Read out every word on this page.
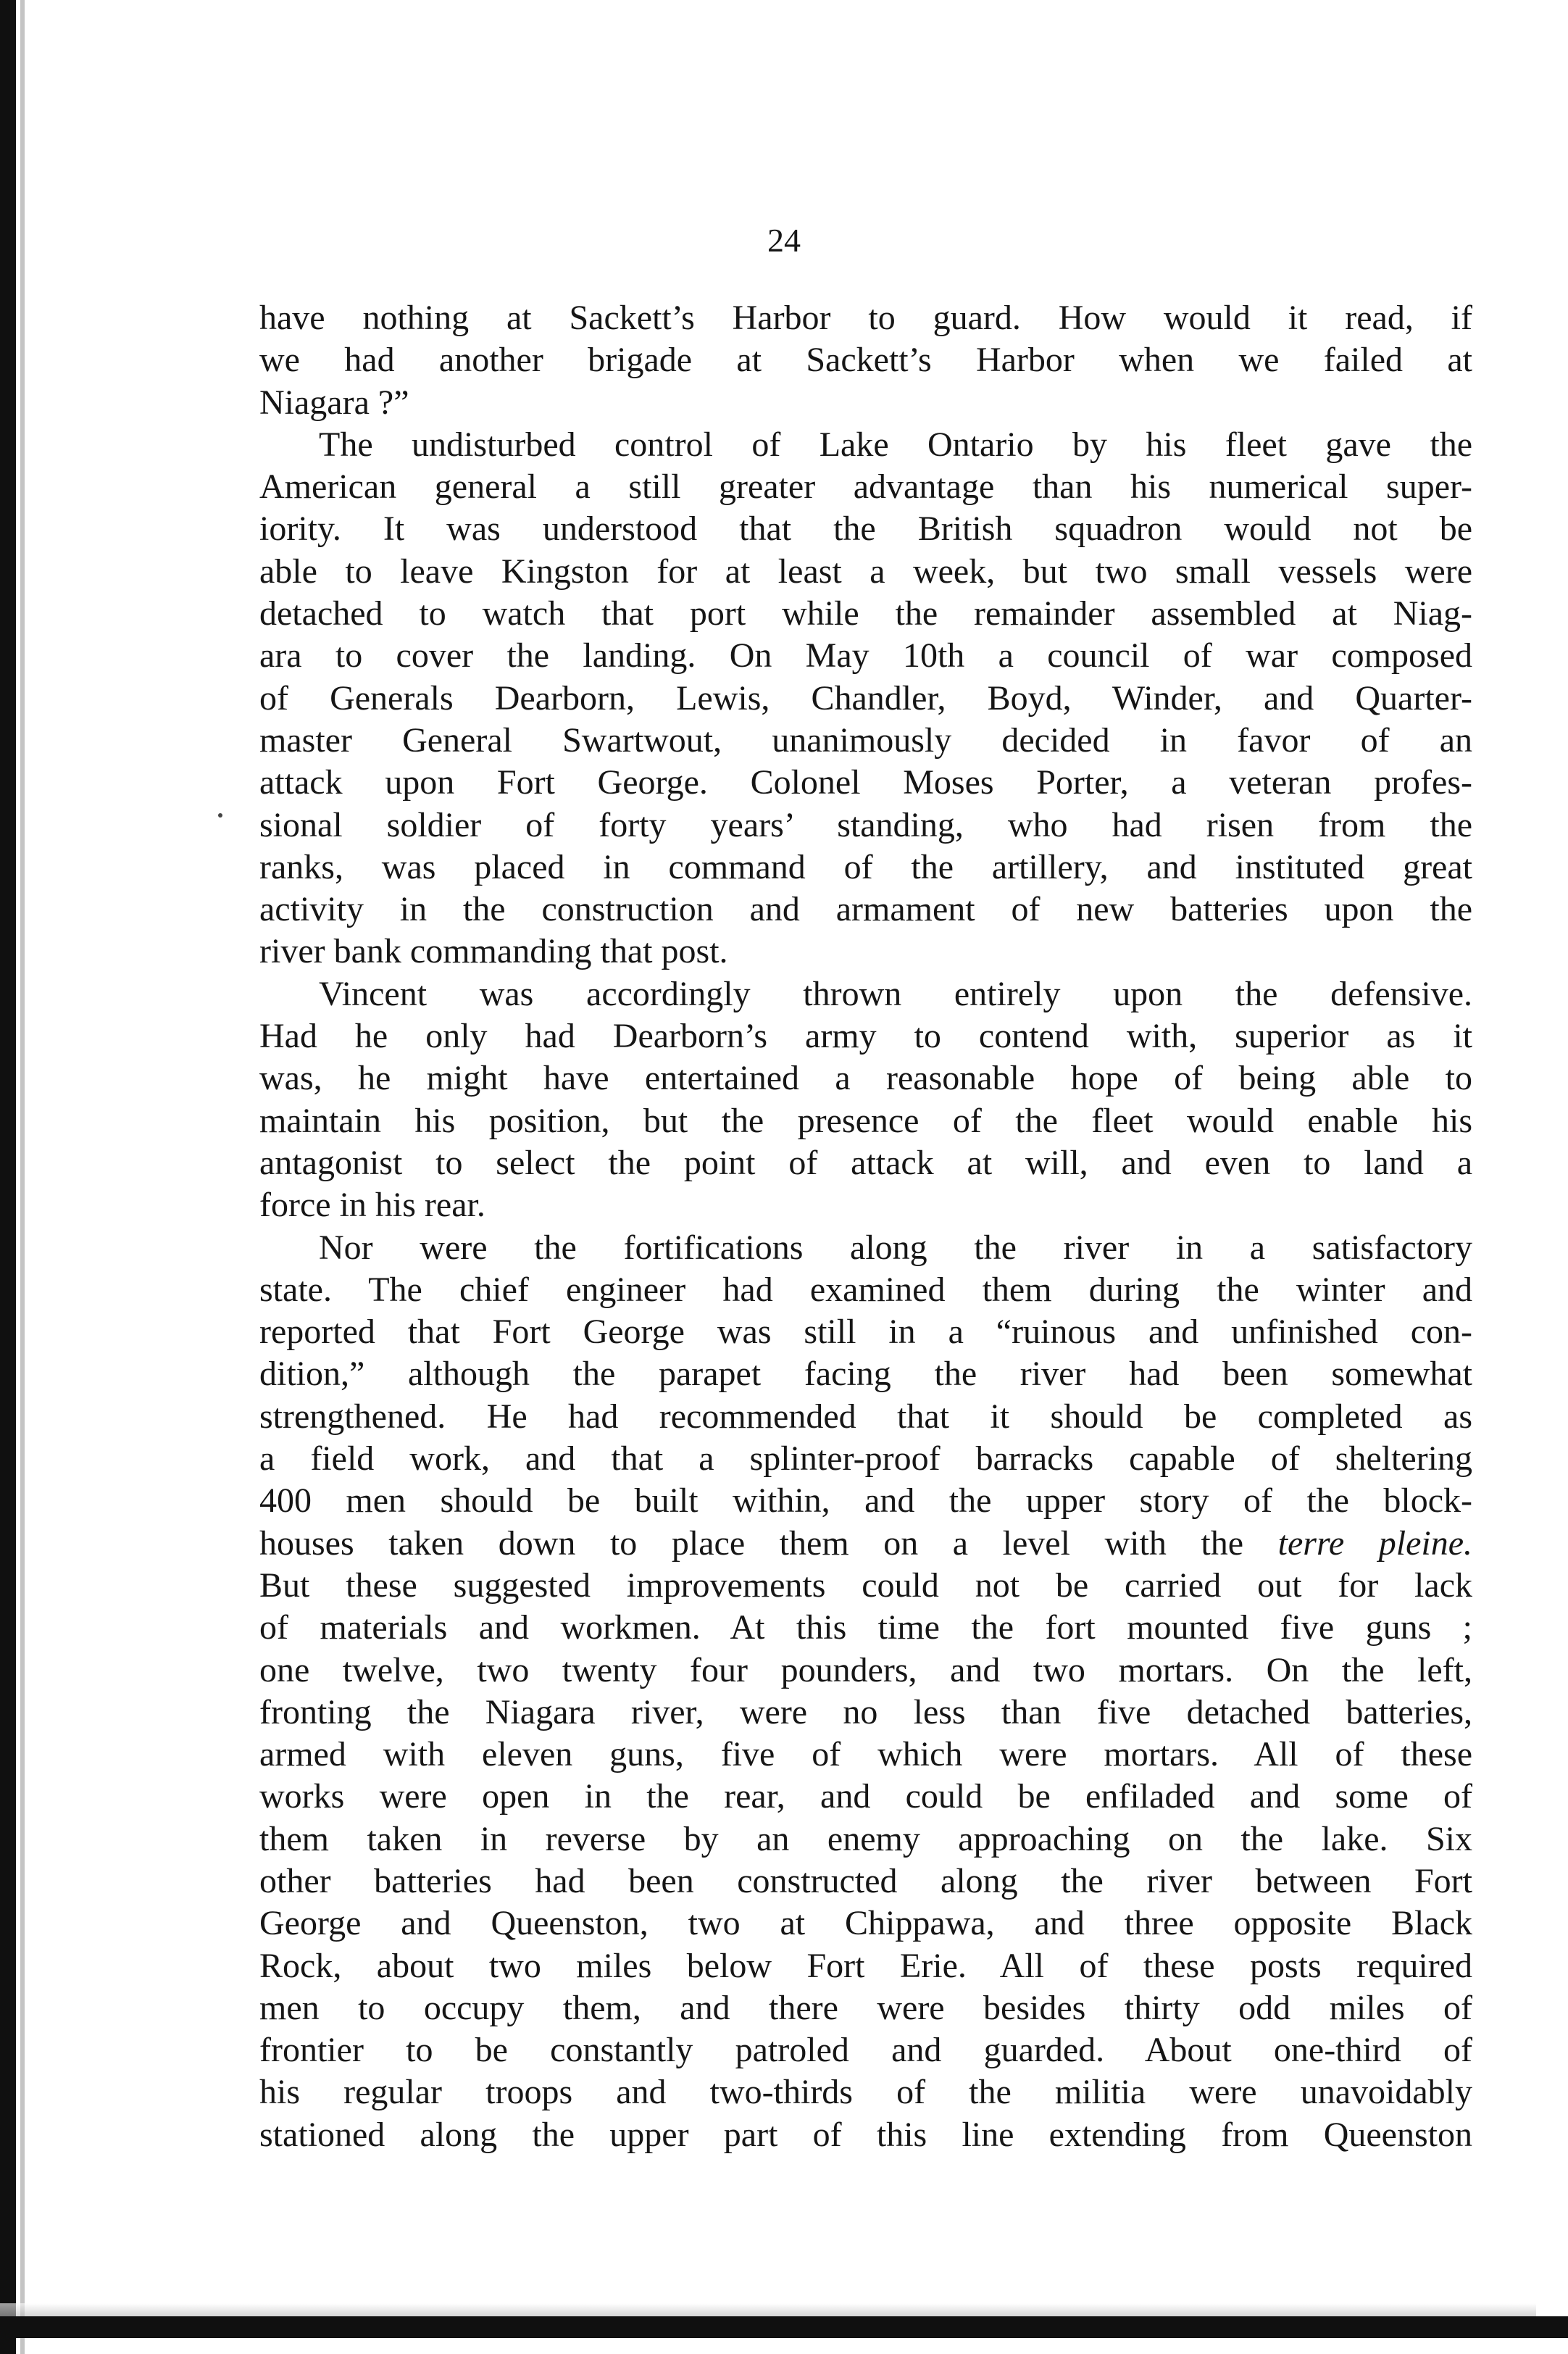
24
have nothing at Sackett’s Harbor to guard. How would it read, if
we had another brigade at Sackett’s Harbor when we failed at
Niagara ?”
The undisturbed control of Lake Ontario by his fleet gave the
American general a still greater advantage than his numerical super-
iority. It was understood that the British squadron would not be
able to leave Kingston for at least a week, but two small vessels were
detached to watch that port while the remainder assembled at Niag-
ara to cover the landing. On May 10th a council of war composed
of Generals Dearborn, Lewis, Chandler, Boyd, Winder, and Quarter-
master General Swartwout, unanimously decided in favor of an
attack upon Fort George. Colonel Moses Porter, a veteran profes-
sional soldier of forty years’ standing, who had risen from the
ranks, was placed in command of the artillery, and instituted great
activity in the construction and armament of new batteries upon the
river bank commanding that post.
Vincent was accordingly thrown entirely upon the defensive.
Had he only had Dearborn’s army to contend with, superior as it
was, he might have entertained a reasonable hope of being able to
maintain his position, but the presence of the fleet would enable his
antagonist to select the point of attack at will, and even to land a
force in his rear.
Nor were the fortifications along the river in a satisfactory
state. The chief engineer had examined them during the winter and
reported that Fort George was still in a “ruinous and unfinished con-
dition,” although the parapet facing the river had been somewhat
strengthened. He had recommended that it should be completed as
a field work, and that a splinter-proof barracks capable of sheltering
400 men should be built within, and the upper story of the block-
houses taken down to place them on a level with the terre pleine.
But these suggested improvements could not be carried out for lack
of materials and workmen. At this time the fort mounted five guns ;
one twelve, two twenty four pounders, and two mortars. On the left,
fronting the Niagara river, were no less than five detached batteries,
armed with eleven guns, five of which were mortars. All of these
works were open in the rear, and could be enfiladed and some of
them taken in reverse by an enemy approaching on the lake. Six
other batteries had been constructed along the river between Fort
George and Queenston, two at Chippawa, and three opposite Black
Rock, about two miles below Fort Erie. All of these posts required
men to occupy them, and there were besides thirty odd miles of
frontier to be constantly patroled and guarded. About one-third of
his regular troops and two-thirds of the militia were unavoidably
stationed along the upper part of this line extending from Queenston
